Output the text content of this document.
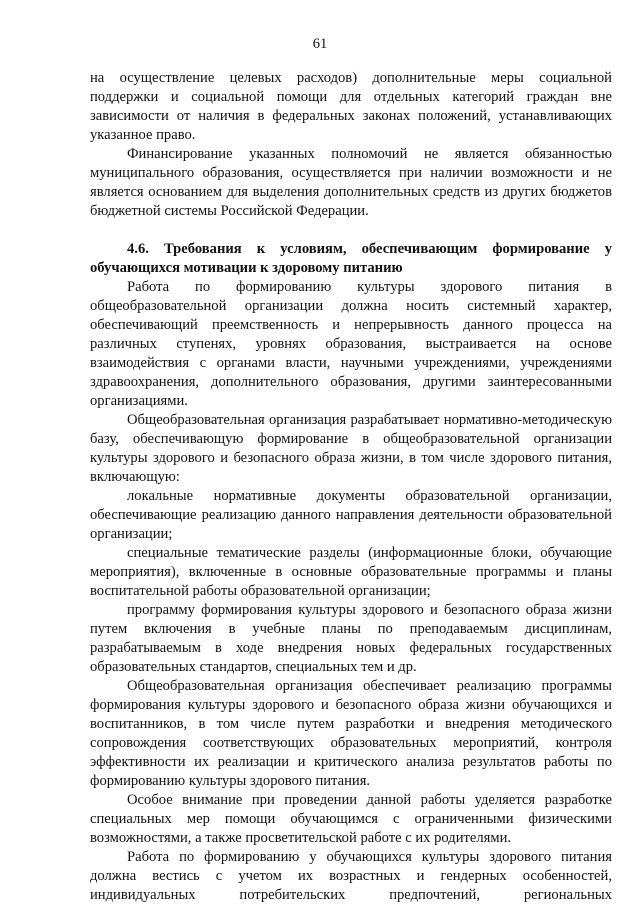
61

на осуществление целевых расходов) дополнительные меры социальной поддержки и социальной помощи для отдельных категорий граждан вне зависимости от наличия в федеральных законах положений, устанавливающих указанное право.

Финансирование указанных полномочий не является обязанностью муниципального образования, осуществляется при наличии возможности и не является основанием для выделения дополнительных средств из других бюджетов бюджетной системы Российской Федерации.

4.6. Требования к условиям, обеспечивающим формирование у обучающихся мотивации к здоровому питанию

Работа по формированию культуры здорового питания в общеобразовательной организации должна носить системный характер, обеспечивающий преемственность и непрерывность данного процесса на различных ступенях, уровнях образования, выстраивается на основе взаимодействия с органами власти, научными учреждениями, учреждениями здравоохранения, дополнительного образования, другими заинтересованными организациями.

Общеобразовательная организация разрабатывает нормативно-методическую базу, обеспечивающую формирование в общеобразовательной организации культуры здорового и безопасного образа жизни, в том числе здорового питания, включающую:

локальные нормативные документы образовательной организации, обеспечивающие реализацию данного направления деятельности образовательной организации;

специальные тематические разделы (информационные блоки, обучающие мероприятия), включенные в основные образовательные программы и планы воспитательной работы образовательной организации;

программу формирования культуры здорового и безопасного образа жизни путем включения в учебные планы по преподаваемым дисциплинам, разрабатываемым в ходе внедрения новых федеральных государственных образовательных стандартов, специальных тем и др.

Общеобразовательная организация обеспечивает реализацию программы формирования культуры здорового и безопасного образа жизни обучающихся и воспитанников, в том числе путем разработки и внедрения методического сопровождения соответствующих образовательных мероприятий, контроля эффективности их реализации и критического анализа результатов работы по формированию культуры здорового питания.

Особое внимание при проведении данной работы уделяется разработке специальных мер помощи обучающимся с ограниченными физическими возможностями, а также просветительской работе с их родителями.

Работа по формированию у обучающихся культуры здорового питания должна вестись с учетом их возрастных и гендерных особенностей, индивидуальных потребительских предпочтений, региональных
